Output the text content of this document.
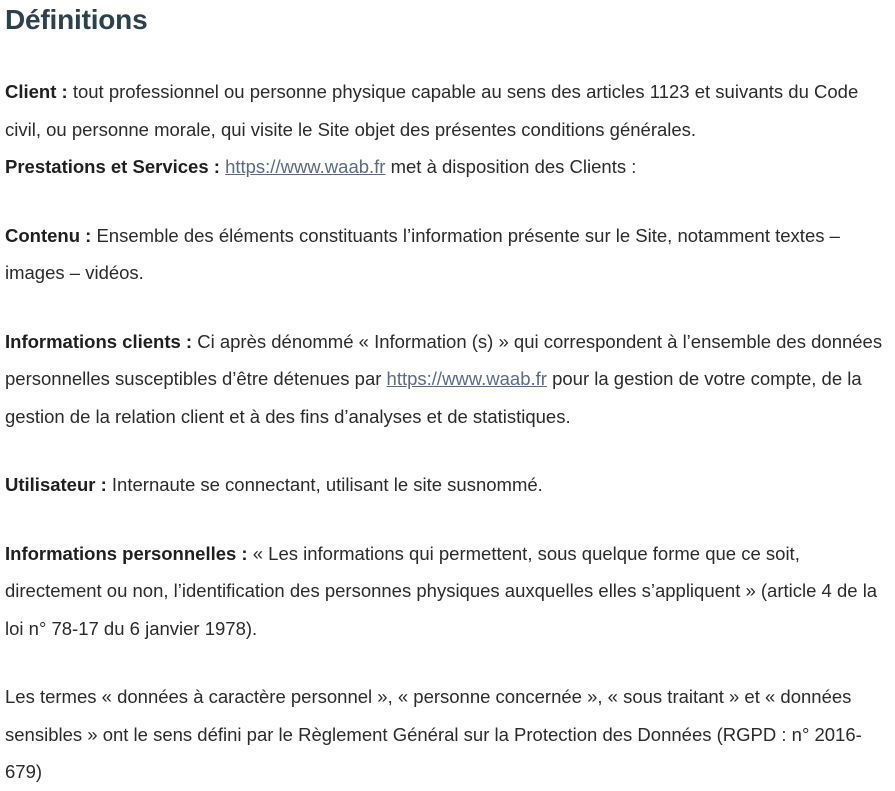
Définitions

Client : tout professionnel ou personne physique capable au sens des articles 1123 et suivants du Code civil, ou personne morale, qui visite le Site objet des présentes conditions générales.

Prestations et Services : https://www.waab.fr met à disposition des Clients :

Contenu : Ensemble des éléments constituants l’information présente sur le Site, notamment textes – images – vidéos.

Informations clients : Ci après dénommé « Information (s) » qui correspondent à l’ensemble des données personnelles susceptibles d’être détenues par https://www.waab.fr pour la gestion de votre compte, de la gestion de la relation client et à des fins d’analyses et de statistiques.

Utilisateur : Internaute se connectant, utilisant le site susnommé.

Informations personnelles : « Les informations qui permettent, sous quelque forme que ce soit, directement ou non, l’identification des personnes physiques auxquelles elles s’appliquent » (article 4 de la loi n° 78-17 du 6 janvier 1978).

Les termes « données à caractère personnel », « personne concernée », « sous traitant » et « données sensibles » ont le sens défini par le Règlement Général sur la Protection des Données (RGPD : n° 2016-679)
